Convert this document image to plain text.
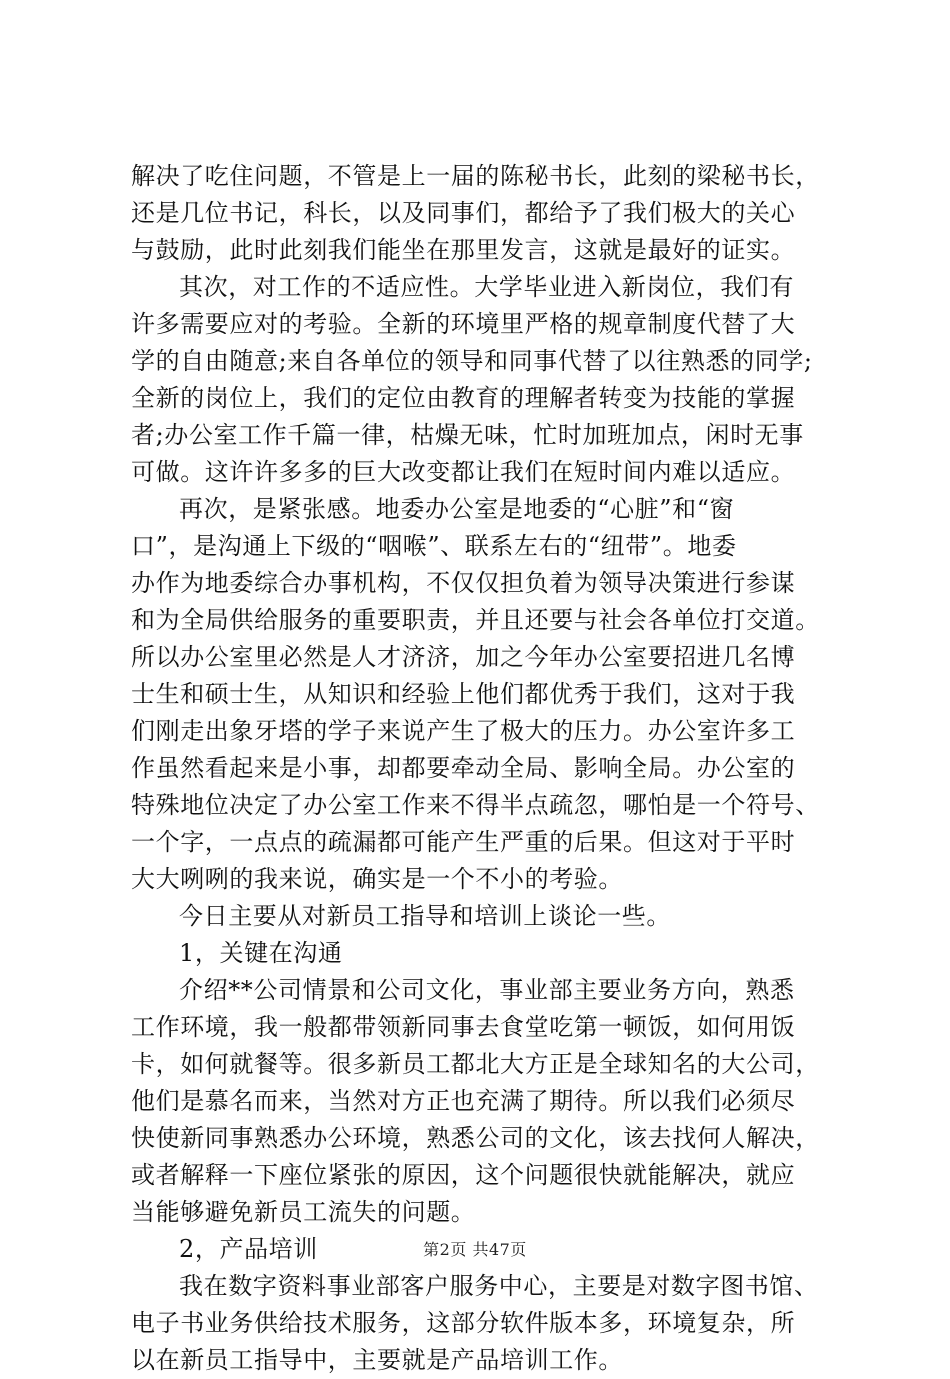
解决了吃住问题，不管是上一届的陈秘书长，此刻的梁秘书长，
还是几位书记，科长，以及同事们，都给予了我们极大的关心
与鼓励，此时此刻我们能坐在那里发言，这就是最好的证实。
其次，对工作的不适应性。大学毕业进入新岗位，我们有
许多需要应对的考验。全新的环境里严格的规章制度代替了大
学的自由随意;来自各单位的领导和同事代替了以往熟悉的同学;
全新的岗位上，我们的定位由教育的理解者转变为技能的掌握
者;办公室工作千篇一律，枯燥无味，忙时加班加点，闲时无事
可做。这许许多多的巨大改变都让我们在短时间内难以适应。
再次，是紧张感。地委办公室是地委的“心脏”和“窗
口”，是沟通上下级的“咽喉”、联系左右的“纽带”。地委
办作为地委综合办事机构，不仅仅担负着为领导决策进行参谋
和为全局供给服务的重要职责，并且还要与社会各单位打交道。
所以办公室里必然是人才济济，加之今年办公室要招进几名博
士生和硕士生，从知识和经验上他们都优秀于我们，这对于我
们刚走出象牙塔的学子来说产生了极大的压力。办公室许多工
作虽然看起来是小事，却都要牵动全局、影响全局。办公室的
特殊地位决定了办公室工作来不得半点疏忽，哪怕是一个符号、
一个字，一点点的疏漏都可能产生严重的后果。但这对于平时
大大咧咧的我来说，确实是一个不小的考验。
今日主要从对新员工指导和培训上谈论一些。
1，关键在沟通
介绍**公司情景和公司文化，事业部主要业务方向，熟悉
工作环境，我一般都带领新同事去食堂吃第一顿饭，如何用饭
卡，如何就餐等。很多新员工都北大方正是全球知名的大公司，
他们是慕名而来，当然对方正也充满了期待。所以我们必须尽
快使新同事熟悉办公环境，熟悉公司的文化，该去找何人解决，
或者解释一下座位紧张的原因，这个问题很快就能解决，就应
当能够避免新员工流失的问题。
2，产品培训
我在数字资料事业部客户服务中心，主要是对数字图书馆、
电子书业务供给技术服务，这部分软件版本多，环境复杂，所
以在新员工指导中，主要就是产品培训工作。
第2页 共47页
